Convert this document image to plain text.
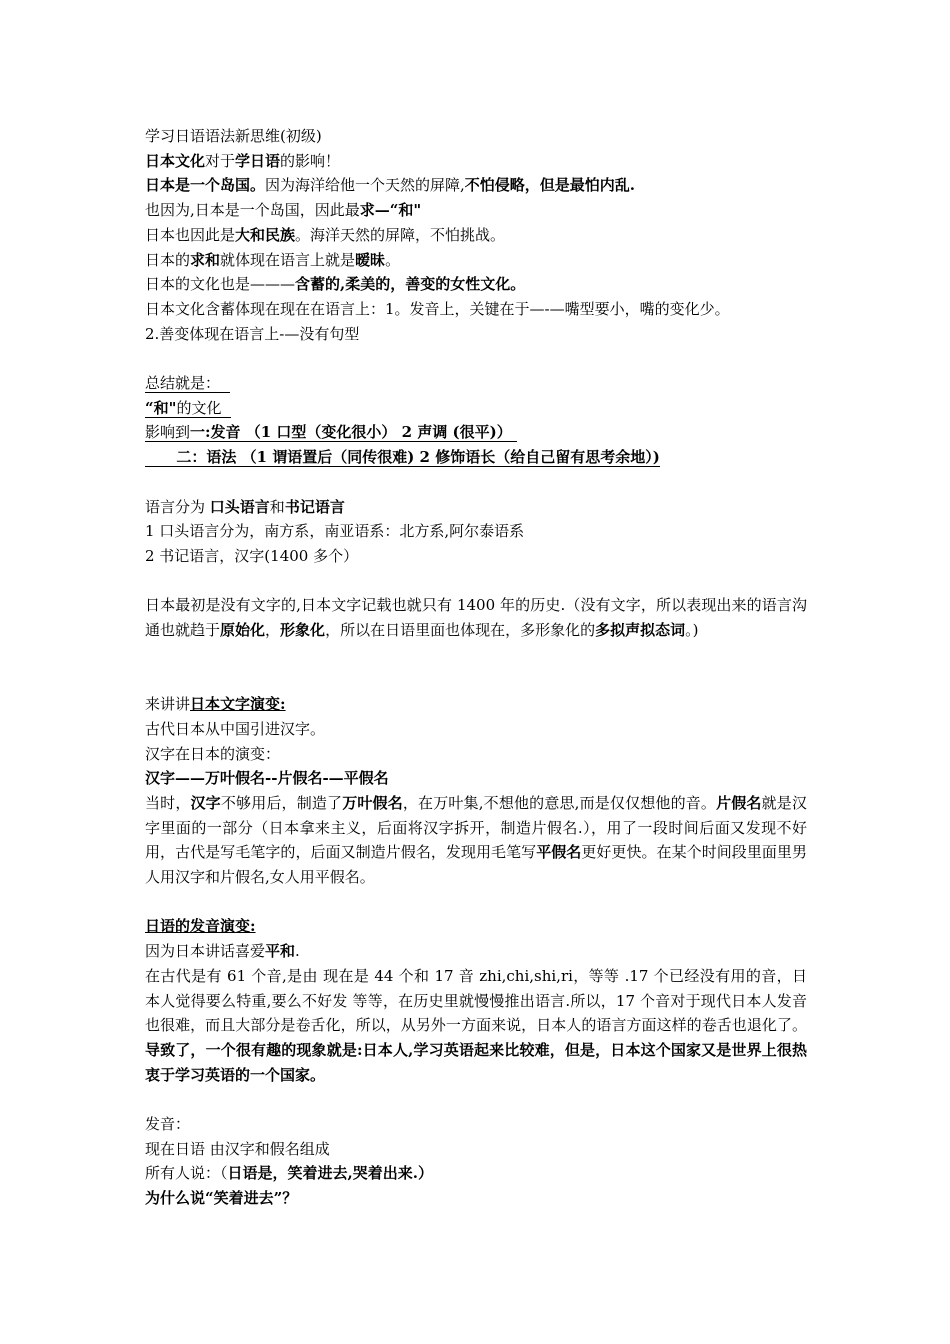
学习日语语法新思维(初级)
日本文化对于学日语的影响！
日本是一个岛国。因为海洋给他一个天然的屏障,不怕侵略，但是最怕内乱.
也因为,日本是一个岛国，因此最求—“和"
日本也因此是大和民族。海洋天然的屏障，不怕挑战。
日本的求和就体现在语言上就是暧昧。
日本的文化也是———含蓄的,柔美的，善变的女性文化。
日本文化含蓄体现在现在在语言上：1。发音上，关键在于—-—嘴型要小，嘴的变化少。
2.善变体现在语言上-—没有句型
总结就是：
“和"的文化
影响到一:发音 （1 口型（变化很小） 2 声调 (很平)）
二：语法 （1 谓语置后（同传很难) 2 修饰语长（给自己留有思考余地）)
语言分为 口头语言和书记语言
1 口头语言分为，南方系，南亚语系：北方系,阿尔泰语系
2 书记语言，汉字(1400 多个）
日本最初是没有文字的,日本文字记载也就只有 1400 年的历史.（没有文字，所以表现出来的语言沟通也就趋于原始化，形象化，所以在日语里面也体现在，多形象化的多拟声拟态词。)
来讲讲日本文字演变:
古代日本从中国引进汉字。
汉字在日本的演变：
汉字——万叶假名--片假名-—平假名
当时，汉字不够用后，制造了万叶假名，在万叶集,不想他的意思,而是仅仅想他的音。片假名就是汉字里面的一部分（日本拿来主义，后面将汉字拆开，制造片假名.），用了一段时间后面又发现不好用，古代是写毛笔字的，后面又制造片假名，发现用毛笔写平假名更好更快。在某个时间段里面里男人用汉字和片假名,女人用平假名。
日语的发音演变:
因为日本讲话喜爱平和.
在古代是有 61 个音,是由 现在是 44 个和 17 音 zhi,chi,shi,ri，等等 .17 个已经没有用的音，日本人觉得要么特重,要么不好发 等等，在历史里就慢慢推出语言.所以，17 个音对于现代日本人发音也很难，而且大部分是卷舌化，所以，从另外一方面来说，日本人的语言方面这样的卷舌也退化了。导致了，一个很有趣的现象就是:日本人,学习英语起来比较难，但是，日本这个国家又是世界上很热衷于学习英语的一个国家。
发音：
现在日语 由汉字和假名组成
所有人说：（日语是，笑着进去,哭着出来.）
为什么说“笑着进去”？
